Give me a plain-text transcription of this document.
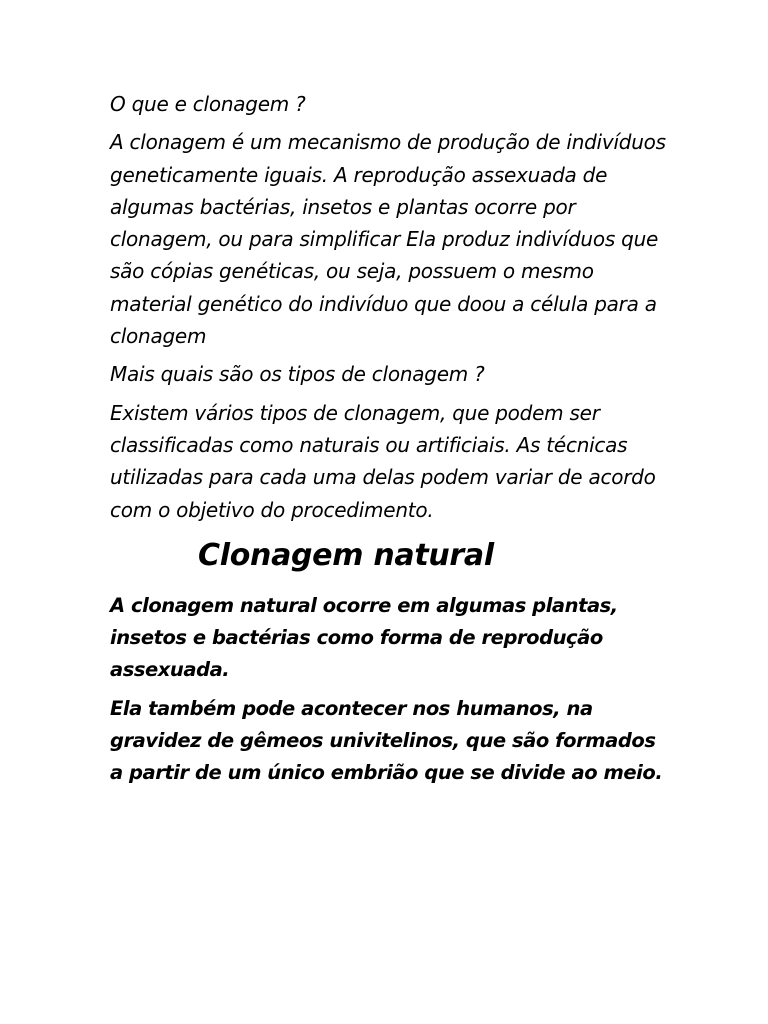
O que e clonagem ?

A clonagem é um mecanismo de produção de indivíduos geneticamente iguais. A reprodução assexuada de algumas bactérias, insetos e plantas ocorre por clonagem, ou para simplificar Ela produz indivíduos que são cópias genéticas, ou seja, possuem o mesmo material genético do indivíduo que doou a célula para a clonagem

Mais quais são os tipos de clonagem ?

Existem vários tipos de clonagem, que podem ser classificadas como naturais ou artificiais. As técnicas utilizadas para cada uma delas podem variar de acordo com o objetivo do procedimento.

Clonagem natural

A clonagem natural ocorre em algumas plantas, insetos e bactérias como forma de reprodução assexuada.

Ela também pode acontecer nos humanos, na gravidez de gêmeos univitelinos, que são formados a partir de um único embrião que se divide ao meio.
